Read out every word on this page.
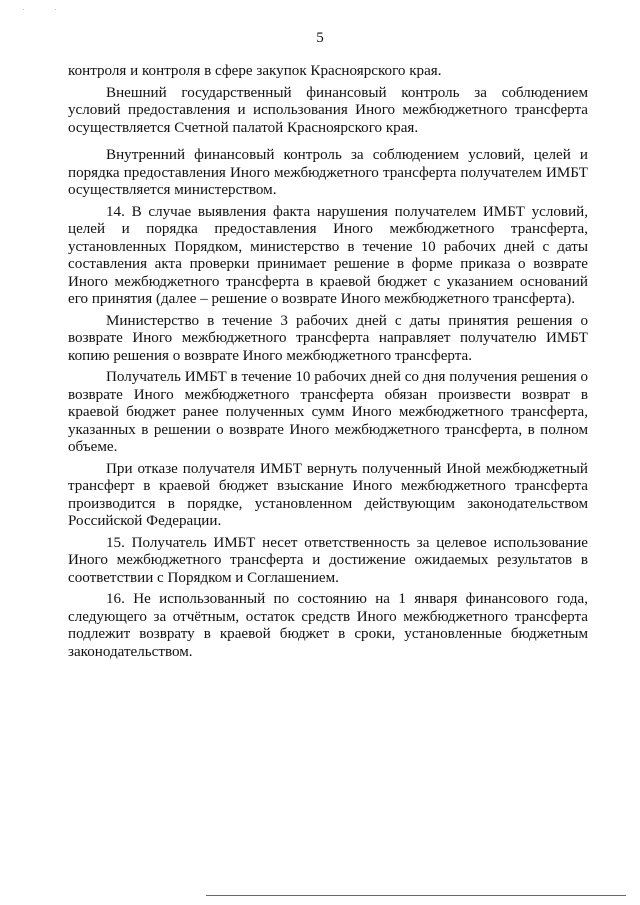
· ·
5

контроля и контроля в сфере закупок Красноярского края.

Внешний государственный финансовый контроль за соблюдением условий предоставления и использования Иного межбюджетного трансферта осуществляется Счетной палатой Красноярского края.

Внутренний финансовый контроль за соблюдением условий, целей и порядка предоставления Иного межбюджетного трансферта получателем ИМБТ осуществляется министерством.

14. В случае выявления факта нарушения получателем ИМБТ условий, целей и порядка предоставления Иного межбюджетного трансферта, установленных Порядком, министерство в течение 10 рабочих дней с даты составления акта проверки принимает решение в форме приказа о возврате Иного межбюджетного трансферта в краевой бюджет с указанием оснований его принятия (далее – решение о возврате Иного межбюджетного трансферта).

Министерство в течение 3 рабочих дней с даты принятия решения о возврате Иного межбюджетного трансферта направляет получателю ИМБТ копию решения о возврате Иного межбюджетного трансферта.

Получатель ИМБТ в течение 10 рабочих дней со дня получения решения о возврате Иного межбюджетного трансферта обязан произвести возврат в краевой бюджет ранее полученных сумм Иного межбюджетного трансферта, указанных в решении о возврате Иного межбюджетного трансферта, в полном объеме.

При отказе получателя ИМБТ вернуть полученный Иной межбюджетный трансферт в краевой бюджет взыскание Иного межбюджетного трансферта производится в порядке, установленном действующим законодательством Российской Федерации.

15. Получатель ИМБТ несет ответственность за целевое использование Иного межбюджетного трансферта и достижение ожидаемых результатов в соответствии с Порядком и Соглашением.

16. Не использованный по состоянию на 1 января финансового года, следующего за отчётным, остаток средств Иного межбюджетного трансферта подлежит возврату в краевой бюджет в сроки, установленные бюджетным законодательством.
